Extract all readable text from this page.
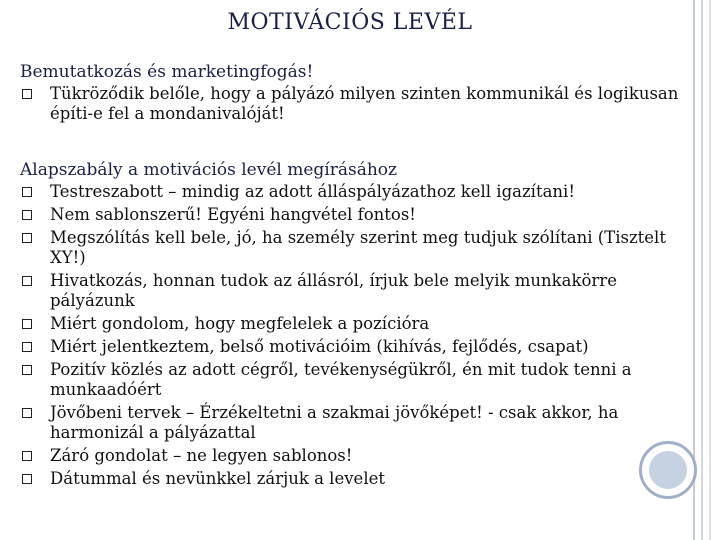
MOTIVÁCIÓS LEVÉL
Bemutatkozás és marketingfogás!
Tükröződik belőle, hogy a pályázó milyen szinten kommunikál és logikusan építi-e fel a mondanivalóját!
Alapszabály a motivációs levél megírásához
Testreszabott – mindig az adott álláspályázathoz kell igazítani!
Nem sablonszerű! Egyéni hangvétel fontos!
Megszólítás kell bele, jó, ha személy szerint meg tudjuk szólítani (Tisztelt XY!)
Hivatkozás, honnan tudok az állásról, írjuk bele melyik munkakörre pályázunk
Miért gondolom, hogy megfelelek a pozícióra
Miért jelentkeztem, belső motivációim (kihívás, fejlődés, csapat)
Pozitív közlés az adott cégről, tevékenységükről, én mit tudok tenni a munkaadóért
Jövőbeni tervek – Érzékeltetni a szakmai jövőképet! - csak akkor, ha harmonizál a pályázattal
Záró gondolat – ne legyen sablonos!
Dátummal és nevünkkel zárjuk a levelet
